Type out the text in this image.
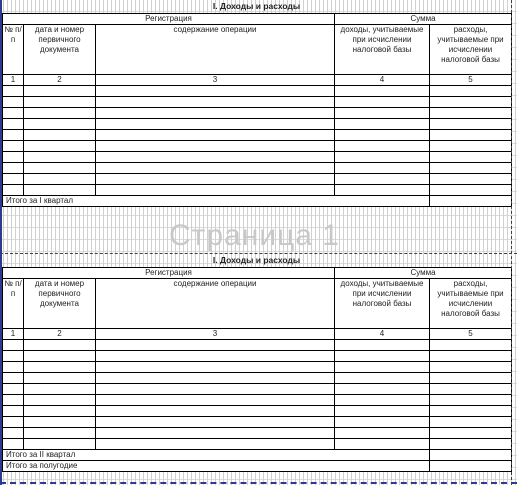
I. Доходы и расходы
Регистрация			Сумма	
№ п/п	дата и номер первичного документа	содержание операции	доходы, учитываемые при исчислении налоговой базы	расходы, учитываемые при исчислении налоговой базы
1	2	3	4	5

Итого за I квартал				
Страница 1
I. Доходы и расходы
Регистрация			Сумма	
№ п/п	дата и номер первичного документа	содержание операции	доходы, учитываемые при исчислении налоговой базы	расходы, учитываемые при исчислении налоговой базы
1	2	3	4	5

Итого за II квартал				
Итого за полугодие				
